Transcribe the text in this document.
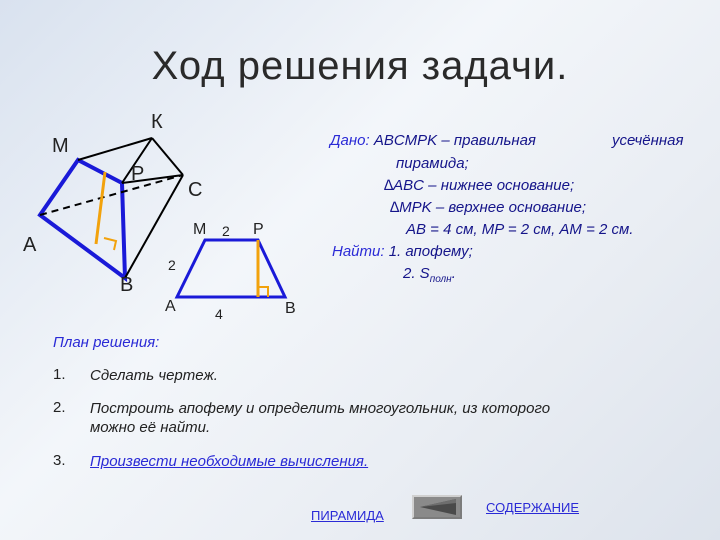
Ход решения задачи.
M
К
P
C
A
B
M 2 P
2
A	4	B
Дано: ABCMPK – правильная	усечённая
пирамида;
∆ABC – нижнее основание;
∆MPK – верхнее основание;
AB = 4 см, MP = 2 см, AM = 2 см.
Найти: 1. апофему;
2. $S_{полн}$.
План решения:
1. Сделать чертеж.
2. Построить апофему и определить многоугольник, из которого можно её найти.
3. Произвести необходимые вычисления.
ПИРАМИДА
СОДЕРЖАНИЕ
